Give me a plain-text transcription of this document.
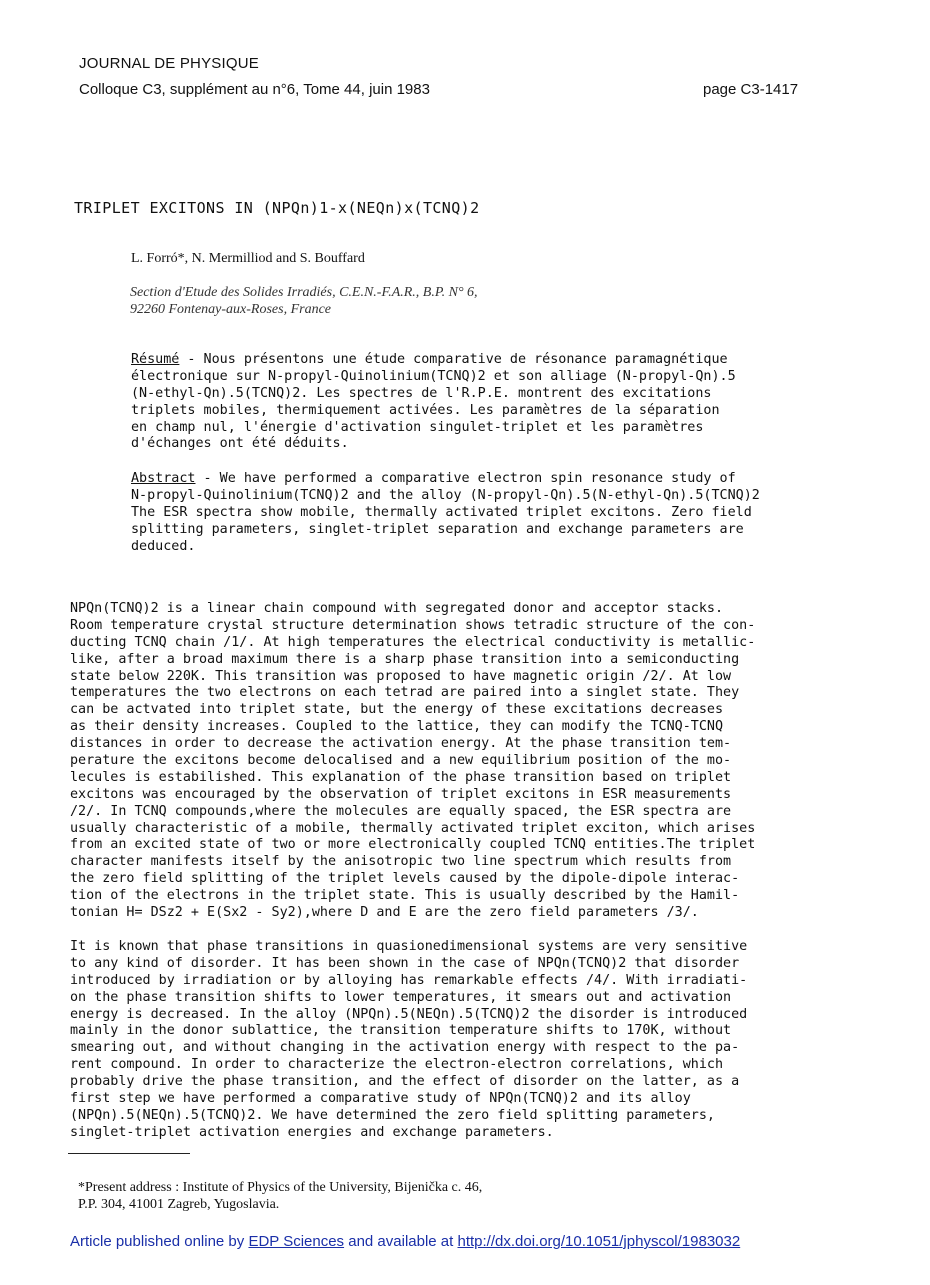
JOURNAL DE PHYSIQUE
Colloque C3, supplément au n°6, Tome 44, juin 1983	page C3-1417
TRIPLET EXCITONS IN (NPQn)1-x(NEQn)x(TCNQ)2
L. Forró*, N. Mermilliod and S. Bouffard
Section d'Etude des Solides Irradiés, C.E.N.-F.A.R., B.P. N° 6,
92260 Fontenay-aux-Roses, France
Résumé - Nous présentons une étude comparative de résonance paramagnétique
électronique sur N-propyl-Quinolinium(TCNQ)2 et son alliage (N-propyl-Qn).5
(N-ethyl-Qn).5(TCNQ)2. Les spectres de l'R.P.E. montrent des excitations
triplets mobiles, thermiquement activées. Les paramètres de la séparation
en champ nul, l'énergie d'activation singulet-triplet et les paramètres
d'échanges ont été déduits.
Abstract - We have performed a comparative electron spin resonance study of
N-propyl-Quinolinium(TCNQ)2 and the alloy (N-propyl-Qn).5(N-ethyl-Qn).5(TCNQ)2
The ESR spectra show mobile, thermally activated triplet excitons. Zero field
splitting parameters, singlet-triplet separation and exchange parameters are
deduced.
NPQn(TCNQ)2 is a linear chain compound with segregated donor and acceptor stacks.
Room temperature crystal structure determination shows tetradic structure of the con-
ducting TCNQ chain /1/. At high temperatures the electrical conductivity is metallic-
like, after a broad maximum there is a sharp phase transition into a semiconducting
state below 220K. This transition was proposed to have magnetic origin /2/. At low
temperatures the two electrons on each tetrad are paired into a singlet state. They
can be actvated into triplet state, but the energy of these excitations decreases
as their density increases. Coupled to the lattice, they can modify the TCNQ-TCNQ
distances in order to decrease the activation energy. At the phase transition tem-
perature the excitons become delocalised and a new equilibrium position of the mo-
lecules is estabilished. This explanation of the phase transition based on triplet
excitons was encouraged by the observation of triplet excitons in ESR measurements
/2/. In TCNQ compounds,where the molecules are equally spaced, the ESR spectra are
usually characteristic of a mobile, thermally activated triplet exciton, which arises
from an excited state of two or more electronically coupled TCNQ entities.The triplet
character manifests itself by the anisotropic two line spectrum which results from
the zero field splitting of the triplet levels caused by the dipole-dipole interac-
tion of the electrons in the triplet state. This is usually described by the Hamil-
tonian H= DSz2 + E(Sx2 - Sy2),where D and E are the zero field parameters /3/.
It is known that phase transitions in quasionedimensional systems are very sensitive
to any kind of disorder. It has been shown in the case of NPQn(TCNQ)2 that disorder
introduced by irradiation or by alloying has remarkable effects /4/. With irradiati-
on the phase transition shifts to lower temperatures, it smears out and activation
energy is decreased. In the alloy (NPQn).5(NEQn).5(TCNQ)2 the disorder is introduced
mainly in the donor sublattice, the transition temperature shifts to 170K, without
smearing out, and without changing in the activation energy with respect to the pa-
rent compound. In order to characterize the electron-electron correlations, which
probably drive the phase transition, and the effect of disorder on the latter, as a
first step we have performed a comparative study of NPQn(TCNQ)2 and its alloy
(NPQn).5(NEQn).5(TCNQ)2. We have determined the zero field splitting parameters,
singlet-triplet activation energies and exchange parameters.
*Present address : Institute of Physics of the University, Bijenička c. 46,
P.P. 304, 41001 Zagreb, Yugoslavia.
Article published online by EDP Sciences and available at http://dx.doi.org/10.1051/jphyscol/1983032
